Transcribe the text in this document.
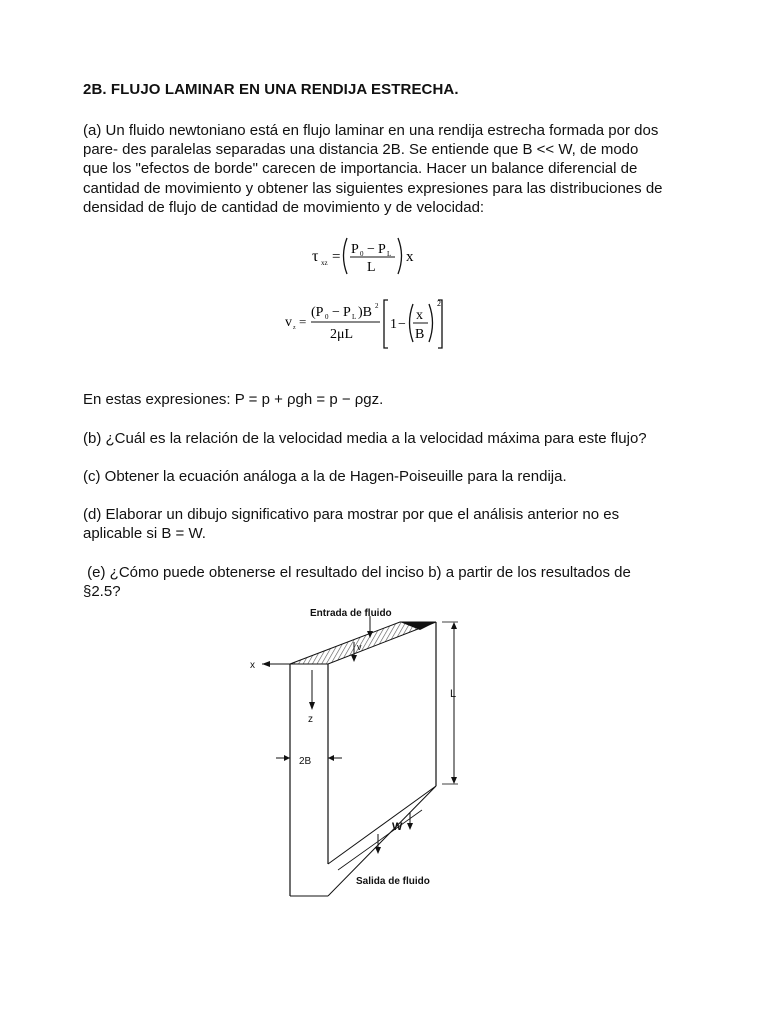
2B. FLUJO LAMINAR EN UNA RENDIJA ESTRECHA.
(a) Un fluido newtoniano está en flujo laminar en una rendija estrecha formada por dos
pare- des paralelas separadas una distancia 2B. Se entiende que B << W, de modo
que los "efectos de borde" carecen de importancia. Hacer un balance diferencial de
cantidad de movimiento y obtener las siguientes expresiones para las distribuciones de
densidad de flujo de cantidad de movimiento y de velocidad:
τ xz = P 0 − P L
L
x
v z =
(P 0 − P L )B 2
2μL
1 −
x
B
2
En estas expresiones: P = p + ρgh = p − ρgz.
(b) ¿Cuál es la relación de la velocidad media a la velocidad máxima para este flujo?
(c) Obtener la ecuación análoga a la de Hagen-Poiseuille para la rendija.
(d) Elaborar un dibujo significativo para mostrar por que el análisis anterior no es
aplicable si B = W.
(e) ¿Cómo puede obtenerse el resultado del inciso b) a partir de los resultados de
§2.5?
x
z
v
Entrada de fluido
2B
L
W
Salida de fluido
